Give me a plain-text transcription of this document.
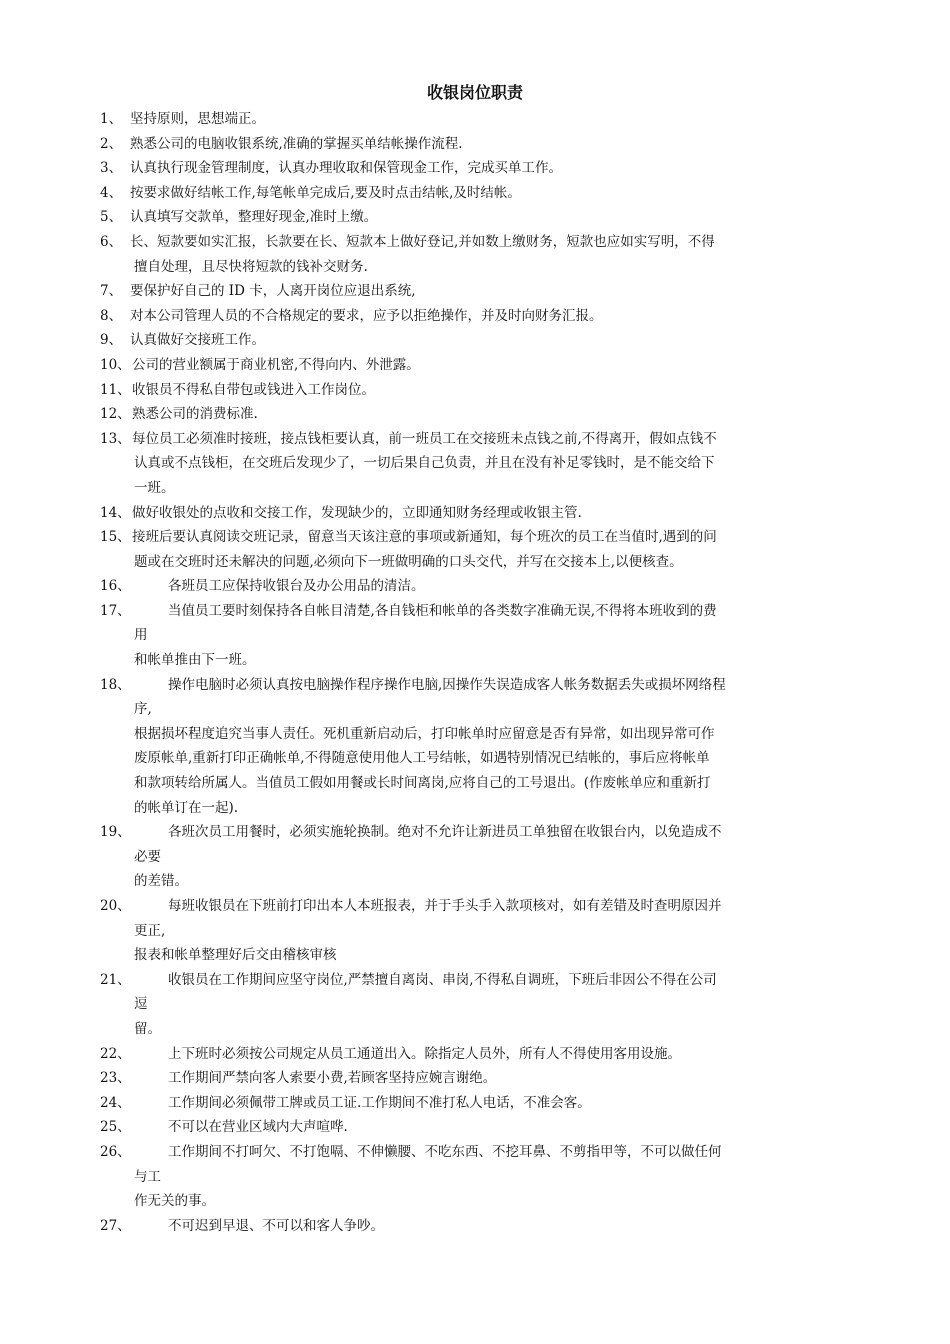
收银岗位职责
1、 坚持原则，思想端正。
2、 熟悉公司的电脑收银系统,准确的掌握买单结帐操作流程.
3、 认真执行现金管理制度，认真办理收取和保管现金工作，完成买单工作。
4、 按要求做好结帐工作,每笔帐单完成后,要及时点击结帐,及时结帐。
5、 认真填写交款单，整理好现金,准时上缴。
6、 长、短款要如实汇报，长款要在长、短款本上做好登记,并如数上缴财务，短款也应如实写明，不得
擅自处理，且尽快将短款的钱补交财务.
7、 要保护好自己的 ID 卡，人离开岗位应退出系统,
8、 对本公司管理人员的不合格规定的要求，应予以拒绝操作，并及时向财务汇报。
9、 认真做好交接班工作。
10、公司的营业额属于商业机密,不得向内、外泄露。
11、收银员不得私自带包或钱进入工作岗位。
12、熟悉公司的消费标准.
13、每位员工必须准时接班，接点钱柜要认真，前一班员工在交接班未点钱之前,不得离开，假如点钱不
认真或不点钱柜，在交班后发现少了，一切后果自己负责，并且在没有补足零钱时，是不能交给下
一班。
14、做好收银处的点收和交接工作，发现缺少的，立即通知财务经理或收银主管.
15、接班后要认真阅读交班记录，留意当天该注意的事项或新通知，每个班次的员工在当值时,遇到的问
题或在交班时还未解决的问题,必须向下一班做明确的口头交代，并写在交接本上,以便核查。
16、	各班员工应保持收银台及办公用品的清洁。
17、	当值员工要时刻保持各自帐目清楚,各自钱柜和帐单的各类数字准确无误,不得将本班收到的费
用
和帐单推由下一班。
18、	操作电脑时必须认真按电脑操作程序操作电脑,因操作失误造成客人帐务数据丢失或损坏网络程
序,
根据损坏程度追究当事人责任。死机重新启动后，打印帐单时应留意是否有异常，如出现异常可作
废原帐单,重新打印正确帐单,不得随意使用他人工号结帐，如遇特别情况已结帐的，事后应将帐单
和款项转给所属人。当值员工假如用餐或长时间离岗,应将自己的工号退出。(作废帐单应和重新打
的帐单订在一起).
19、	各班次员工用餐时，必须实施轮换制。绝对不允许让新进员工单独留在收银台内，以免造成不
必要
的差错。
20、	每班收银员在下班前打印出本人本班报表，并于手头手入款项核对，如有差错及时查明原因并
更正,
报表和帐单整理好后交由稽核审核
21、	收银员在工作期间应坚守岗位,严禁擅自离岗、串岗,不得私自调班，下班后非因公不得在公司
逗
留。
22、	上下班时必须按公司规定从员工通道出入。除指定人员外，所有人不得使用客用设施。
23、	工作期间严禁向客人索要小费,若顾客坚持应婉言谢绝。
24、	工作期间必须佩带工牌或员工证.工作期间不准打私人电话，不准会客。
25、	不可以在营业区域内大声喧哗.
26、	工作期间不打呵欠、不打饱嗝、不伸懒腰、不吃东西、不挖耳鼻、不剪指甲等，不可以做任何
与工
作无关的事。
27、	不可迟到早退、不可以和客人争吵。
